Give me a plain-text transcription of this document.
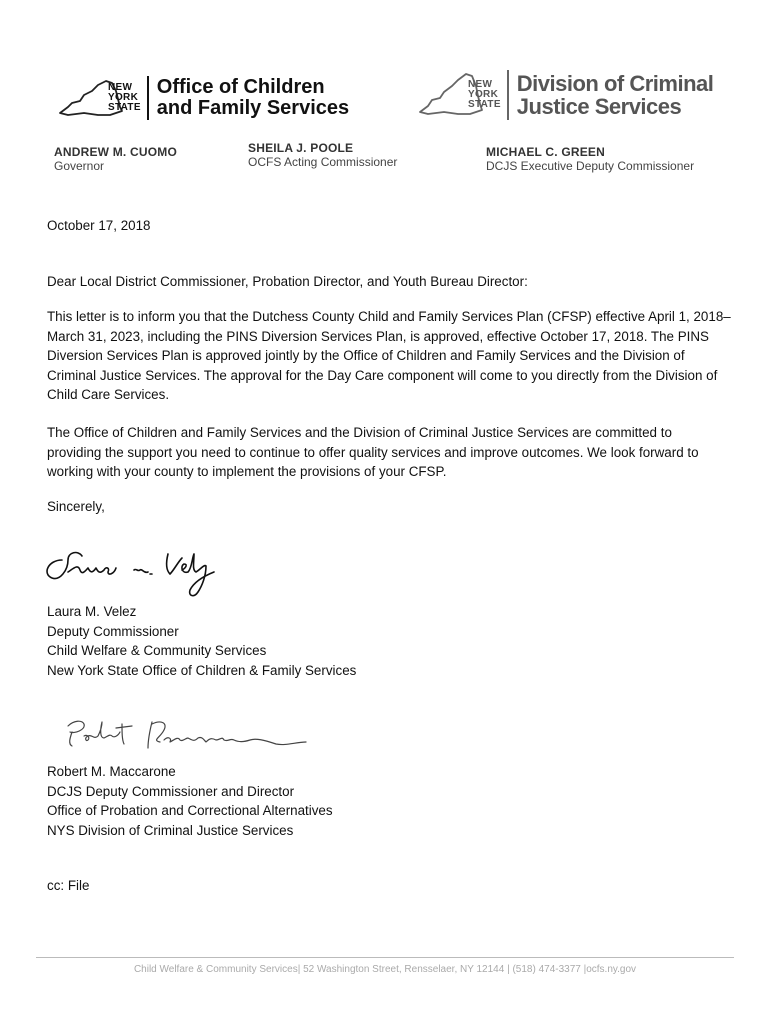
NEW
YORK
STATE
Office of Children
and Family Services
NEW
YORK
STATE
Division of Criminal
Justice Services
ANDREW M. CUOMO
Governor
SHEILA J. POOLE
OCFS Acting Commissioner
MICHAEL C. GREEN
DCJS Executive Deputy Commissioner
October 17, 2018
Dear Local District Commissioner, Probation Director, and Youth Bureau Director:

This letter is to inform you that the Dutchess County Child and Family Services Plan (CFSP) effective April 1, 2018–March 31, 2023, including the PINS Diversion Services Plan, is approved, effective October 17, 2018. The PINS Diversion Services Plan is approved jointly by the Office of Children and Family Services and the Division of Criminal Justice Services. The approval for the Day Care component will come to you directly from the Division of Child Care Services.

The Office of Children and Family Services and the Division of Criminal Justice Services are committed to providing the support you need to continue to offer quality services and improve outcomes. We look forward to working with your county to implement the provisions of your CFSP.

Sincerely,
Laura M. Velez
Deputy Commissioner
Child Welfare & Community Services
New York State Office of Children & Family Services
Robert M. Maccarone
DCJS Deputy Commissioner and Director
Office of Probation and Correctional Alternatives
NYS Division of Criminal Justice Services
cc: File
Child Welfare & Community Services| 52 Washington Street, Rensselaer, NY 12144 | (518) 474-3377 |ocfs.ny.gov
